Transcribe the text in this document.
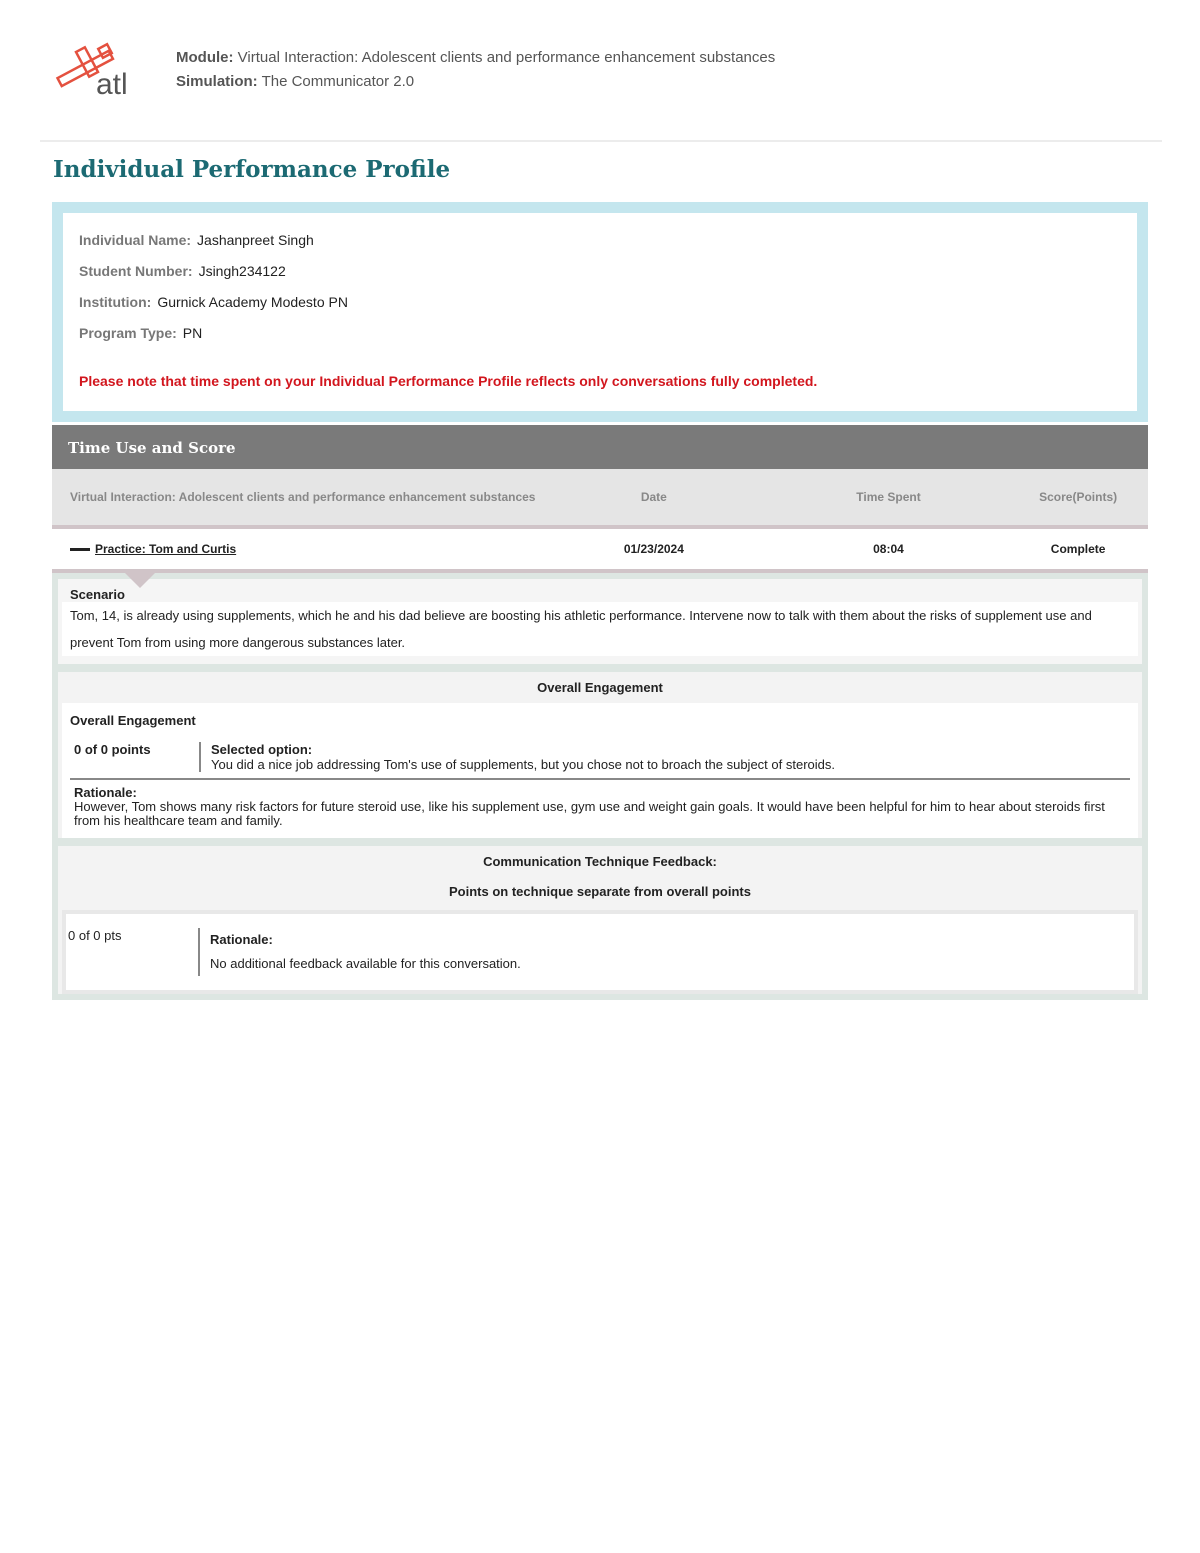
atl
Module: Virtual Interaction: Adolescent clients and performance enhancement substances
Simulation: The Communicator 2.0
Individual Performance Profile
Individual Name: Jashanpreet Singh
Student Number: Jsingh234122
Institution: Gurnick Academy Modesto PN
Program Type: PN
Please note that time spent on your Individual Performance Profile reflects only conversations fully completed.
Time Use and Score
Virtual Interaction: Adolescent clients and performance enhancement substances	Date	Time Spent	Score(Points)
Practice: Tom and Curtis	01/23/2024	08:04	Complete
Scenario
Tom, 14, is already using supplements, which he and his dad believe are boosting his athletic performance. Intervene now to talk with them about the risks of supplement use and prevent Tom from using more dangerous substances later.
Overall Engagement
Overall Engagement
0 of 0 points	Selected option:
You did a nice job addressing Tom's use of supplements, but you chose not to broach the subject of steroids.
Rationale:
However, Tom shows many risk factors for future steroid use, like his supplement use, gym use and weight gain goals. It would have been helpful for him to hear about steroids first from his healthcare team and family.
Communication Technique Feedback:
Points on technique separate from overall points
0 of 0 pts	Rationale:
No additional feedback available for this conversation.
